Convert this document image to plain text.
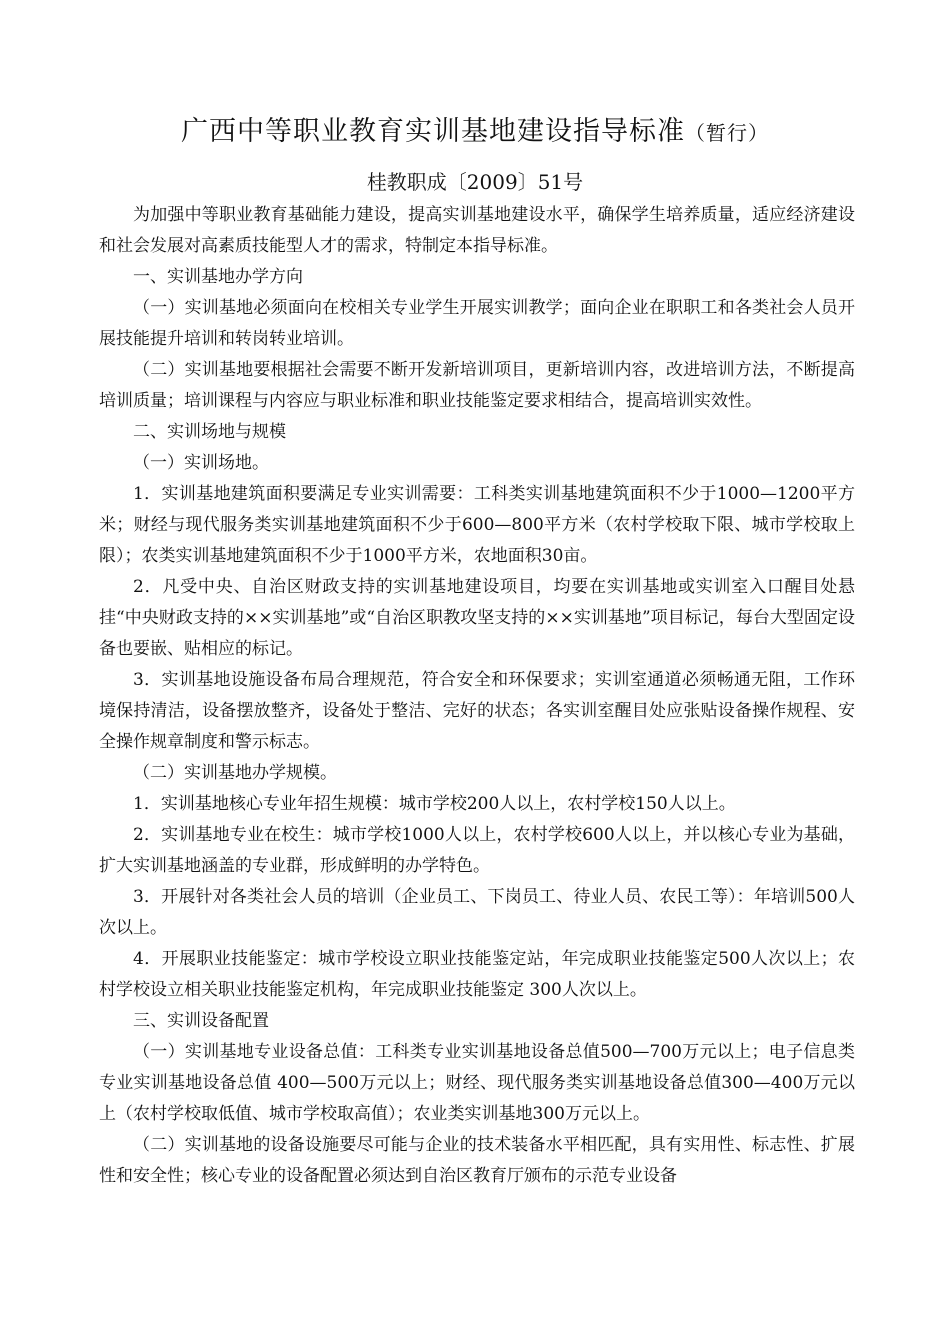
广西中等职业教育实训基地建设指导标准（暂行）
桂教职成〔2009〕51号

为加强中等职业教育基础能力建设，提高实训基地建设水平，确保学生培养质量，适应经济建设和社会发展对高素质技能型人才的需求，特制定本指导标准。

一、实训基地办学方向

（一）实训基地必须面向在校相关专业学生开展实训教学；面向企业在职职工和各类社会人员开展技能提升培训和转岗转业培训。

（二）实训基地要根据社会需要不断开发新培训项目，更新培训内容，改进培训方法，不断提高培训质量；培训课程与内容应与职业标准和职业技能鉴定要求相结合，提高培训实效性。

二、实训场地与规模

（一）实训场地。

1．实训基地建筑面积要满足专业实训需要：工科类实训基地建筑面积不少于1000—1200平方米；财经与现代服务类实训基地建筑面积不少于600—800平方米（农村学校取下限、城市学校取上限）；农类实训基地建筑面积不少于1000平方米，农地面积30亩。

2．凡受中央、自治区财政支持的实训基地建设项目，均要在实训基地或实训室入口醒目处悬挂“中央财政支持的××实训基地”或“自治区职教攻坚支持的××实训基地”项目标记，每台大型固定设备也要嵌、贴相应的标记。

3．实训基地设施设备布局合理规范，符合安全和环保要求；实训室通道必须畅通无阻，工作环境保持清洁，设备摆放整齐，设备处于整洁、完好的状态；各实训室醒目处应张贴设备操作规程、安全操作规章制度和警示标志。

（二）实训基地办学规模。

1．实训基地核心专业年招生规模：城市学校200人以上，农村学校150人以上。

2．实训基地专业在校生：城市学校1000人以上，农村学校600人以上，并以核心专业为基础，扩大实训基地涵盖的专业群，形成鲜明的办学特色。

3．开展针对各类社会人员的培训（企业员工、下岗员工、待业人员、农民工等）：年培训500人次以上。

4．开展职业技能鉴定：城市学校设立职业技能鉴定站，年完成职业技能鉴定500人次以上；农村学校设立相关职业技能鉴定机构，年完成职业技能鉴定 300人次以上。

三、实训设备配置

（一）实训基地专业设备总值：工科类专业实训基地设备总值500—700万元以上；电子信息类专业实训基地设备总值 400—500万元以上；财经、现代服务类实训基地设备总值300—400万元以上（农村学校取低值、城市学校取高值）；农业类实训基地300万元以上。

（二）实训基地的设备设施要尽可能与企业的技术装备水平相匹配，具有实用性、标志性、扩展性和安全性；核心专业的设备配置必须达到自治区教育厅颁布的示范专业设备
